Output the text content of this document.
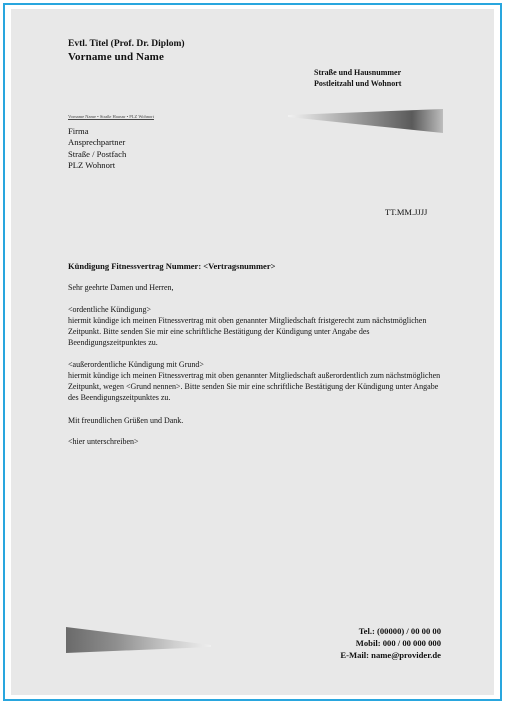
Evtl. Titel (Prof. Dr. Diplom)
Vorname und Name
Straße und Hausnummer
Postleitzahl und Wohnort
Vorname Name • Straße Hausnr • PLZ Wohnort
Firma
Ansprechpartner
Straße / Postfach
PLZ Wohnort
TT.MM.JJJJ
Kündigung Fitnessvertrag Nummer: <Vertragsnummer>
Sehr geehrte Damen und Herren,
<ordentliche Kündigung>
hiermit kündige ich meinen Fitnessvertrag mit oben genannter Mitgliedschaft fristgerecht zum nächstmöglichen Zeitpunkt. Bitte senden Sie mir eine schriftliche Bestätigung der Kündigung unter Angabe des Beendigungszeitpunktes zu.
<außerordentliche Kündigung mit Grund>
hiermit kündige ich meinen Fitnessvertrag mit oben genannter Mitgliedschaft außerordentlich zum nächstmöglichen Zeitpunkt, wegen <Grund nennen>. Bitte senden Sie mir eine schriftliche Bestätigung der Kündigung unter Angabe des Beendigungszeitpunktes zu.
Mit freundlichen Grüßen und Dank.
<hier unterschreiben>
Tel.: (00000) / 00 00 00
Mobil: 000 / 00 000 000
E-Mail: name@provider.de
